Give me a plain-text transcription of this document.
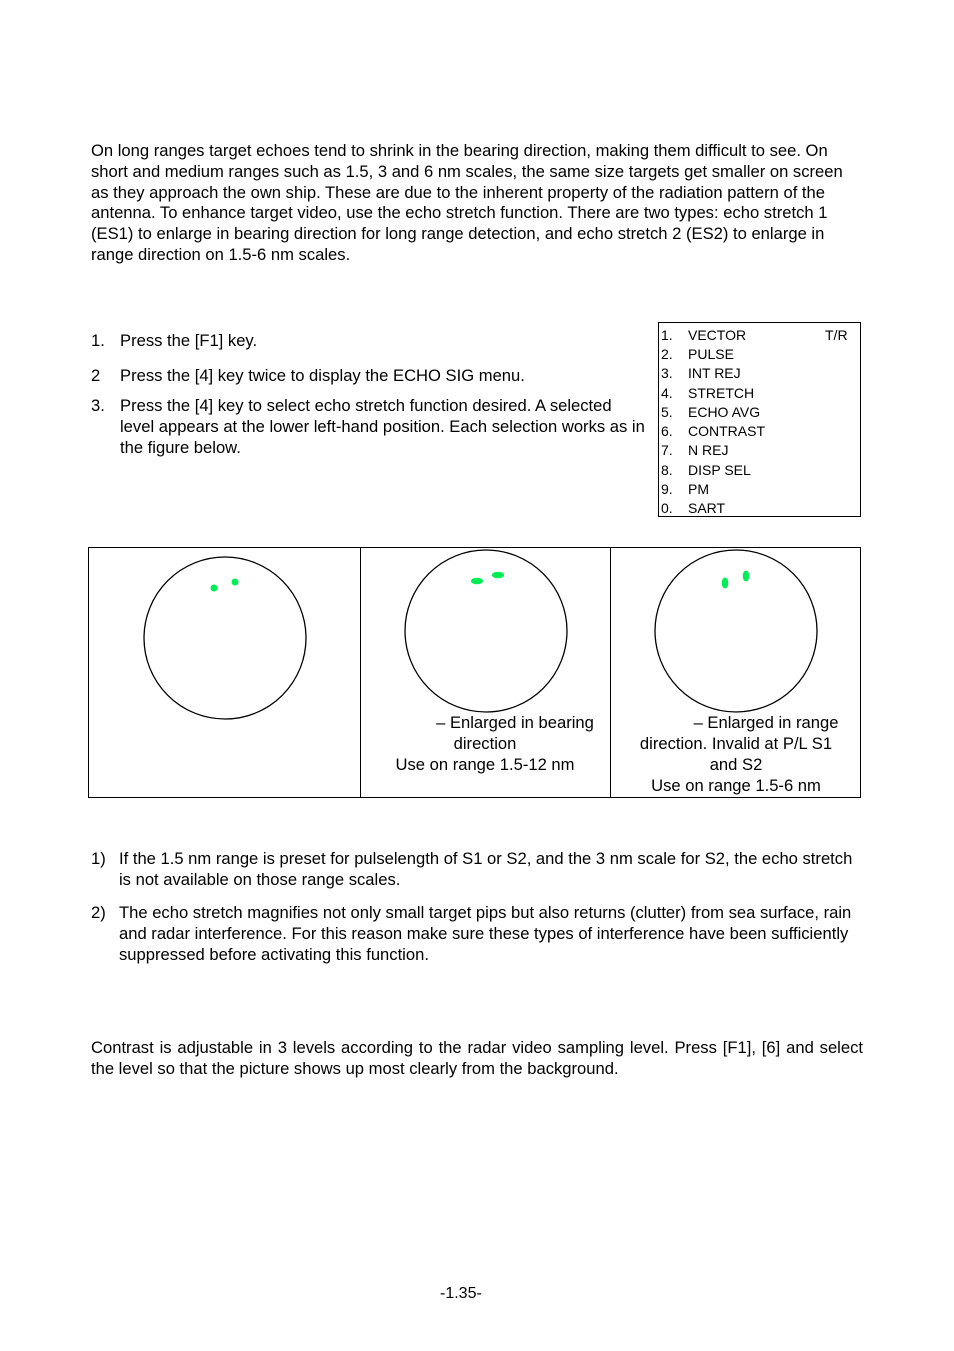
On long ranges target echoes tend to shrink in the bearing direction, making them difficult to see. On short and medium ranges such as 1.5, 3 and 6 nm scales, the same size targets get smaller on screen as they approach the own ship. These are due to the inherent property of the radiation pattern of the antenna. To enhance target video, use the echo stretch function. There are two types: echo stretch 1 (ES1) to enlarge in bearing direction for long range detection, and echo stretch 2 (ES2) to enlarge in range direction on 1.5-6 nm scales.

1. Press the [F1] key.
2 Press the [4] key twice to display the ECHO SIG menu.
3. Press the [4] key to select echo stretch function desired. A selected level appears at the lower left-hand position. Each selection works as in the figure below.
T/R
1. VECTOR
2. PULSE
3. INT REJ
4. STRETCH
5. ECHO AVG
6. CONTRAST
7. N REJ
8. DISP SEL
9. PM
0. SART
– Enlarged in bearing
direction
Use on range 1.5-12 nm
– Enlarged in range
direction. Invalid at P/L S1
and S2
Use on range 1.5-6 nm
1) If the 1.5 nm range is preset for pulselength of S1 or S2, and the 3 nm scale for S2, the echo stretch is not available on those range scales.
2) The echo stretch magnifies not only small target pips but also returns (clutter) from sea surface, rain and radar interference. For this reason make sure these types of interference have been sufficiently suppressed before activating this function.

Contrast is adjustable in 3 levels according to the radar video sampling level. Press [F1], [6] and select the level so that the picture shows up most clearly from the background.

-1.35-
